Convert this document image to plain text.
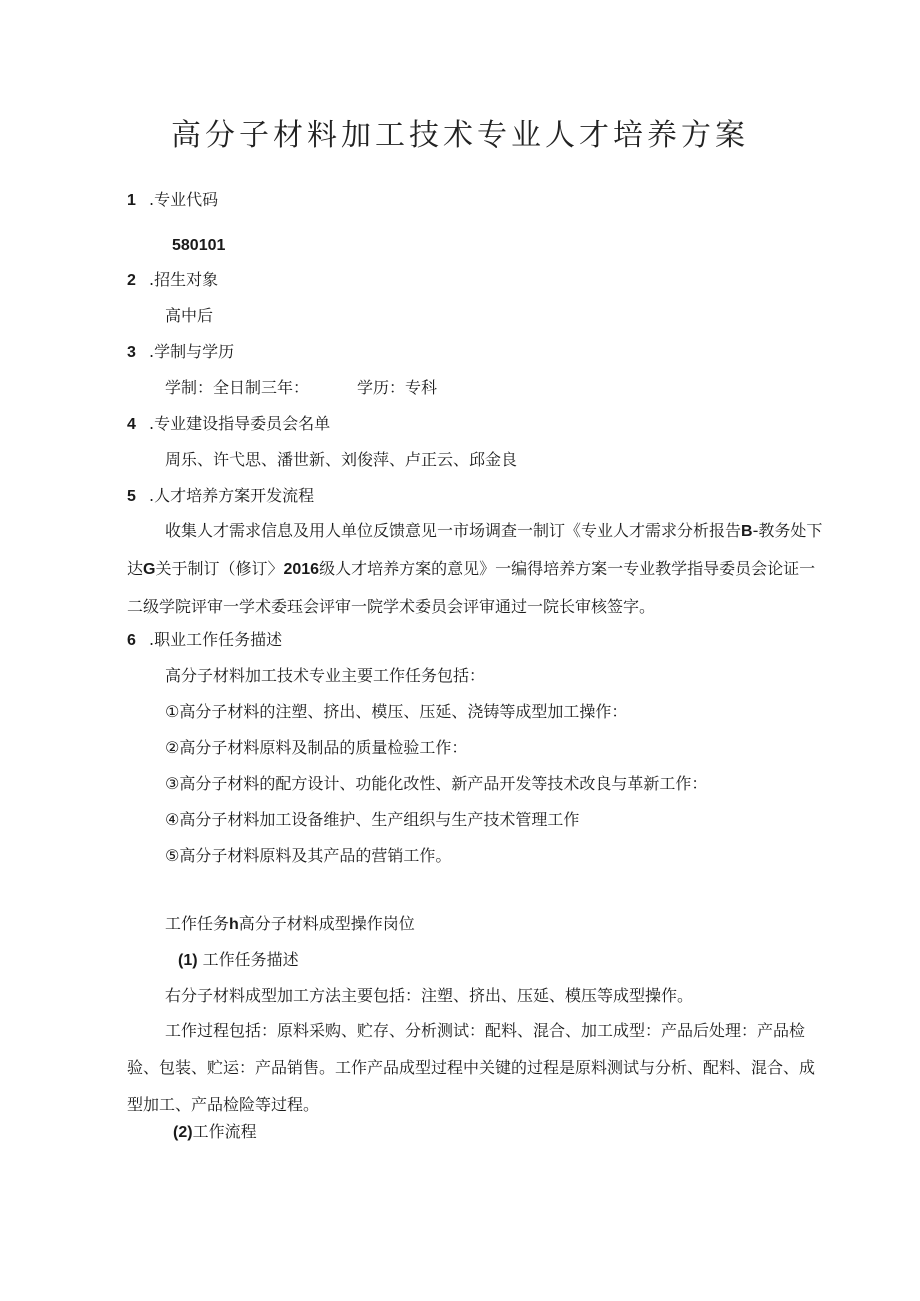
高分子材料加工技术专业人才培养方案
1 .专业代码
580101
2 .招生对象
高中后
3 .学制与学历
学制：全日制三年：	学历：专科
4 .专业建设指导委员会名单
周乐、许弋思、潘世新、刘俊萍、卢正云、邱金良
5 .人才培养方案开发流程
收集人才需求信息及用人单位反馈意见一市场调查一制订《专业人才需求分析报告B-教务处下达G关于制订（修订〉2016级人才培养方案的意见》一编得培养方案一专业教学指导委员会论证一二级学院评审一学术委珏会评审一院学术委员会评审通过一院长审核签字。
6 .职业工作任务描述
高分子材料加工技术专业主要工作任务包括：
①高分子材料的注塑、挤出、模压、压延、浇铸等成型加工操作：
②高分子材料原料及制品的质量检验工作：
③高分子材料的配方设计、功能化改性、新产品开发等技术改良与革新工作：
④高分子材料加工设备维护、生产组织与生产技术管理工作
⑤高分子材料原料及其产品的营销工作。
工作任务h高分子材料成型操作岗位
(1) 工作任务描述
右分子材料成型加工方法主要包括：注塑、挤出、压延、模压等成型操作。
工作过程包括：原料采购、贮存、分析测试：配料、混合、加工成型：产品后处理：产品检验、包装、贮运：产品销售。工作产品成型过程中关键的过程是原料测试与分析、配料、混合、成型加工、产品检险等过程。
(2)工作流程
